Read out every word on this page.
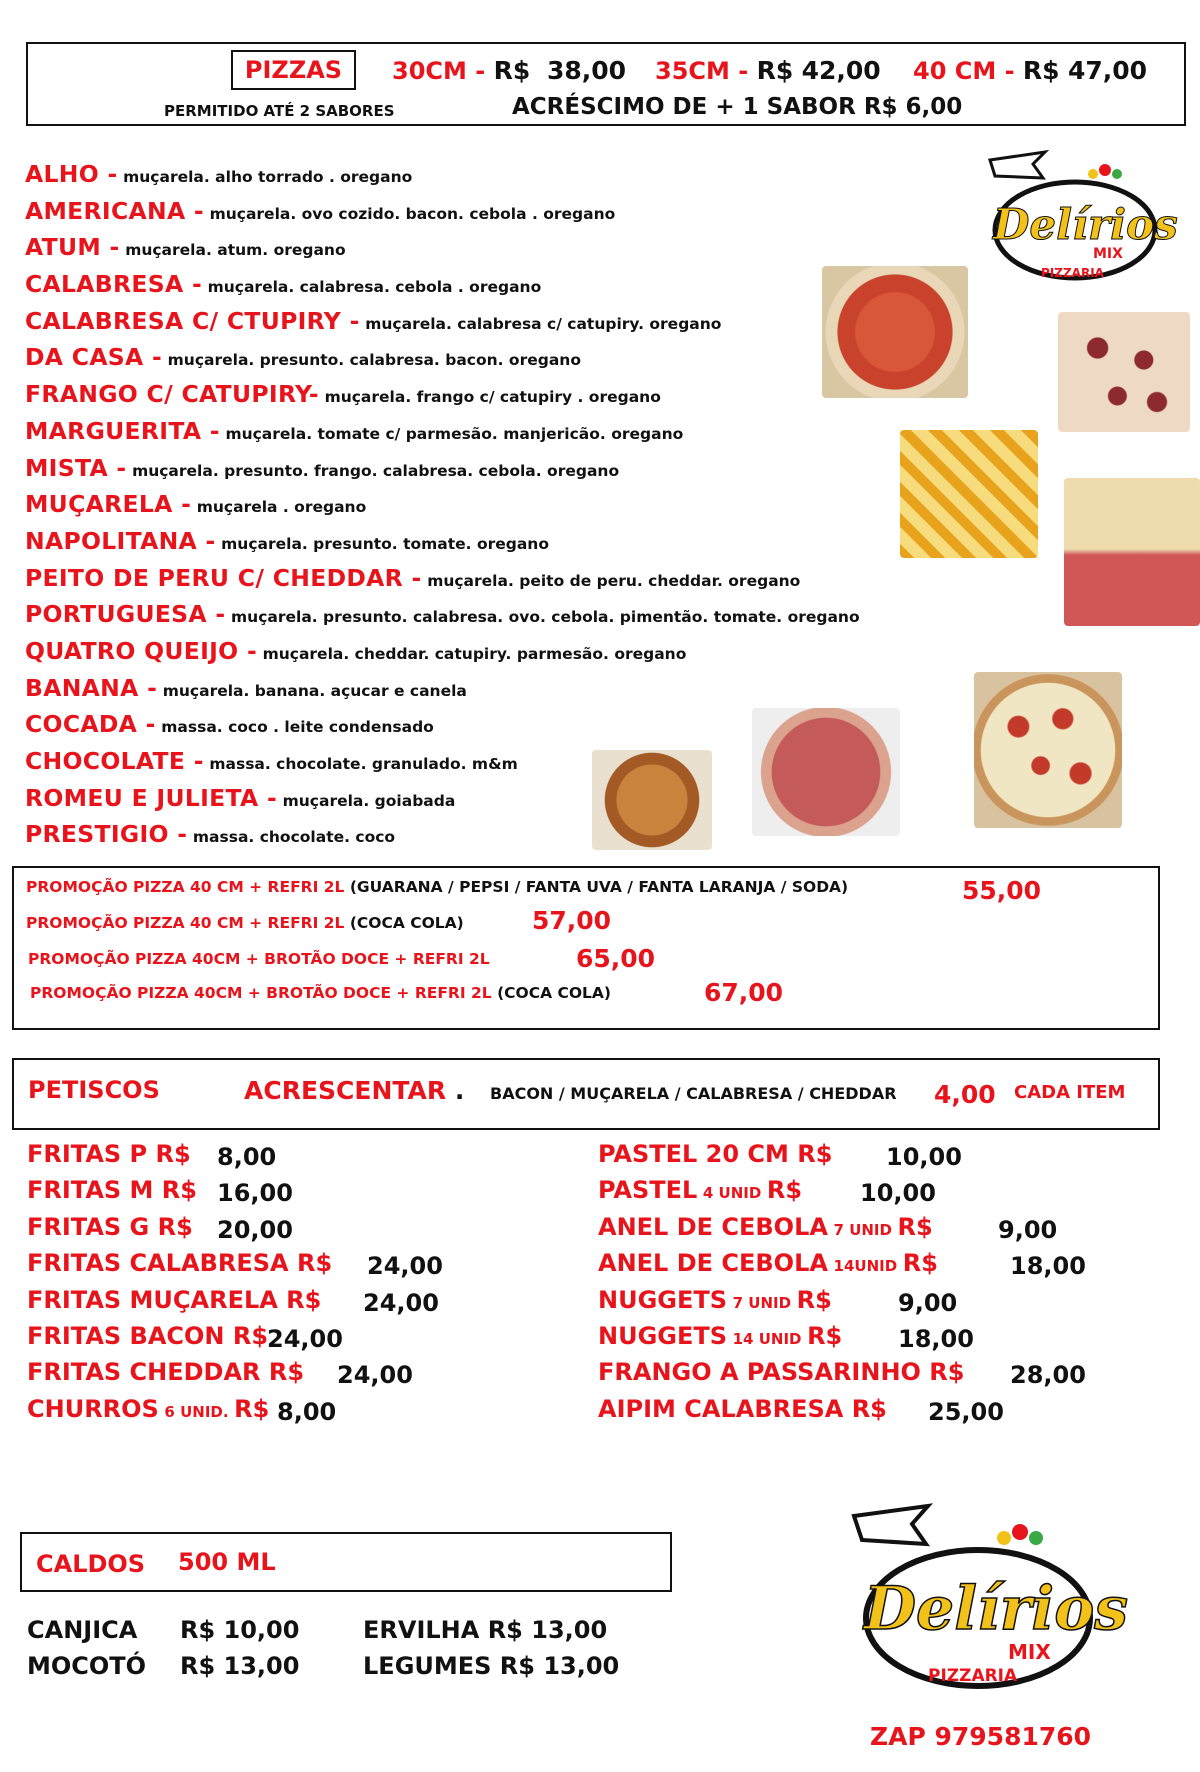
PIZZAS	30CM - R$ 38,00 35CM - R$ 42,00 40 CM - R$ 47,00
PERMITIDO ATÉ 2 SABORES	ACRÉSCIMO DE + 1 SABOR R$ 6,00
ALHO - muçarela. alho torrado . oregano
AMERICANA - muçarela. ovo cozido. bacon. cebola . oregano
ATUM - muçarela. atum. oregano
CALABRESA - muçarela. calabresa. cebola . oregano
CALABRESA C/ CTUPIRY - muçarela. calabresa c/ catupiry. oregano
DA CASA - muçarela. presunto. calabresa. bacon. oregano
FRANGO C/ CATUPIRY- muçarela. frango c/ catupiry . oregano
MARGUERITA - muçarela. tomate c/ parmesão. manjericão. oregano
MISTA - muçarela. presunto. frango. calabresa. cebola. oregano
MUÇARELA - muçarela . oregano
NAPOLITANA - muçarela. presunto. tomate. oregano
PEITO DE PERU C/ CHEDDAR - muçarela. peito de peru. cheddar. oregano
PORTUGUESA - muçarela. presunto. calabresa. ovo. cebola. pimentão. tomate. oregano
QUATRO QUEIJO - muçarela. cheddar. catupiry. parmesão. oregano
BANANA - muçarela. banana. açucar e canela
COCADA - massa. coco . leite condensado
CHOCOLATE - massa. chocolate. granulado. m&m
ROMEU E JULIETA - muçarela. goiabada
PRESTIGIO - massa. chocolate. coco
Delírios
MIX
PIZZARIA
PROMOÇÃO PIZZA 40 CM + REFRI 2L (GUARANA / PEPSI / FANTA UVA / FANTA LARANJA / SODA)	55,00
PROMOÇÃO PIZZA 40 CM + REFRI 2L (COCA COLA)	57,00
PROMOÇÃO PIZZA 40CM + BROTÃO DOCE + REFRI 2L	65,00
PROMOÇÃO PIZZA 40CM + BROTÃO DOCE + REFRI 2L (COCA COLA)	67,00
PETISCOS	ACRESCENTAR . BACON / MUÇARELA / CALABRESA / CHEDDAR 4,00 CADA ITEM
FRITAS P R$ 8,00
FRITAS M R$ 16,00
FRITAS G R$ 20,00
FRITAS CALABRESA R$ 24,00
FRITAS MUÇARELA R$ 24,00
FRITAS BACON R$
24,00
FRITAS CHEDDAR R$ 24,00
CHURROS 6 UNID. R$ 8,00
PASTEL 20 CM R$ 10,00
PASTEL 4 UNID R$ 10,00
ANEL DE CEBOLA 7 UNID R$	9,00
ANEL DE CEBOLA 14UNID R$	18,00
NUGGETS 7 UNID R$	9,00
NUGGETS 14 UNID R$ 18,00
FRANGO A PASSARINHO R$ 28,00
AIPIM CALABRESA R$ 25,00
CALDOS 500 ML
CANJICA R$ 10,00	ERVILHA R$ 13,00
MOCOTÓ R$ 13,00	LEGUMES R$ 13,00
Delírios
MIX
PIZZARIA
ZAP 979581760
